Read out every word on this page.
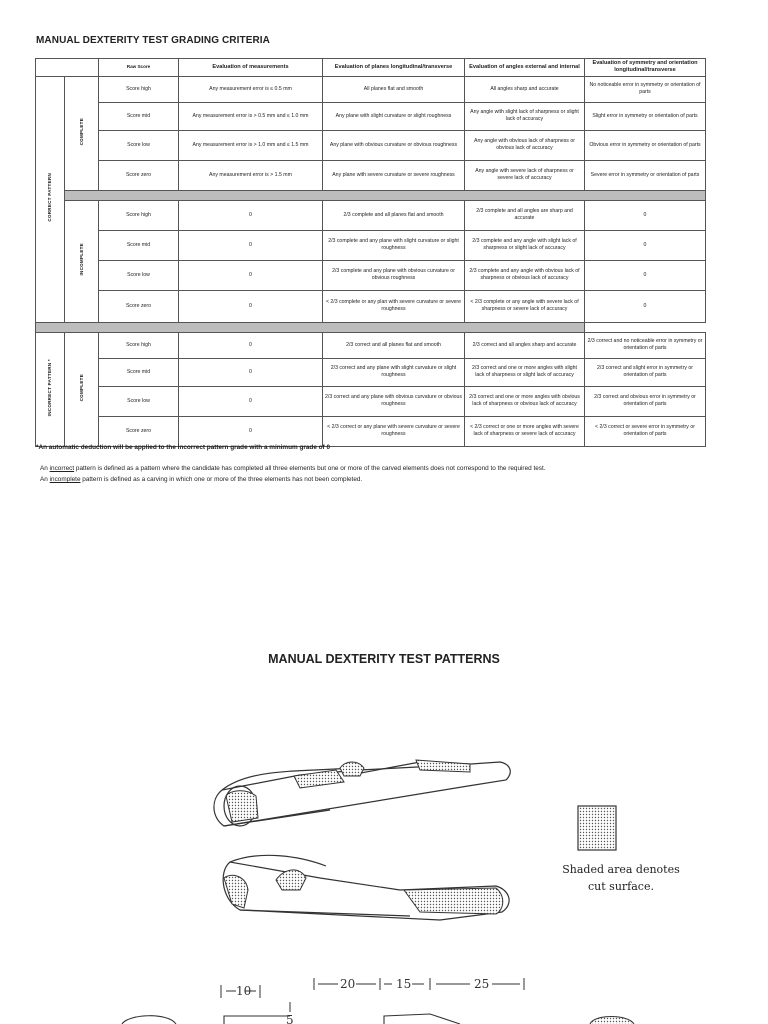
MANUAL DEXTERITY TEST GRADING CRITERIA
		Raw Score	Evaluation of measurements	Evaluation of planes longitudinal/transverse	Evaluation of angles external and internal	Evaluation of symmetry and orientation longitudinal/transverse
CORRECT PATTERN	COMPLETE	Score high	Any measurement error is ≤ 0.5 mm	All planes flat and smooth	All angles sharp and accurate	No noticeable error in symmetry or orientation of parts
		Score mid	Any measurement error is > 0.5 mm and ≤ 1.0 mm	Any plane with slight curvature or slight roughness	Any angle with slight lack of sharpness or slight lack of accuracy	Slight error in symmetry or orientation of parts
		Score low	Any measurement error is > 1.0 mm and ≤ 1.5 mm	Any plane with obvious curvature or obvious roughness	Any angle with obvious lack of sharpness or obvious lack of accuracy	Obvious error in symmetry or orientation of parts
		Score zero	Any measurement error is > 1.5 mm	Any plane with severe curvature or severe roughness	Any angle with severe lack of sharpness or severe lack of accuracy	Severe error in symmetry or orientation of parts

	INCOMPLETE	Score high	0	2/3 complete and all planes flat and smooth	2/3 complete and all angles are sharp and accurate	0
		Score mid	0	2/3 complete and any plane with slight curvature or slight roughness	2/3 complete and any angle with slight lack of sharpness or slight lack of accuracy	0
		Score low	0	2/3 complete and any plane with obvious curvature or obvious roughness	2/3 complete and any angle with obvious lack of sharpness or obvious lack of accuracy	0
		Score zero	0	< 2/3 complete or any plan with severe curvature or severe roughness	< 2/3 complete or any angle with severe lack of sharpness or severe lack of accuracy	0

INCORRECT PATTERN *	COMPLETE	Score high	0	2/3 correct and all planes flat and smooth	2/3 correct and all angles sharp and accurate	2/3 correct and no noticeable error in symmetry or orientation of parts
		Score mid	0	2/3 correct and any plane with slight curvature or slight roughness	2/3 correct and one or more angles with slight lack of sharpness or slight lack of accuracy	2/3 correct and slight error in symmetry or orientation of parts
		Score low	0	2/3 correct and any plane with obvious curvature or obvious roughness	2/3 correct and one or more angles with obvious lack of sharpness or obvious lack of accuracy	2/3 correct and obvious error in symmetry or orientation of parts
		Score zero	0	< 2/3 correct or any plane with severe curvature or severe roughness	< 2/3 correct or one or more angles with severe lack of sharpness or severe lack of accuracy	< 2/3 correct or severe error in symmetry or orientation of parts
*An automatic deduction will be applied to the incorrect pattern grade with a minimum grade of 0
An incorrect pattern is defined as a pattern where the candidate has completed all three elements but one or more of the carved elements does not correspond to the required test.
An incomplete pattern is defined as a carving in which one or more of the three elements has not been completed.
MANUAL DEXTERITY TEST PATTERNS
10	20	15	25
5
Shaded area denotes
cut surface.
